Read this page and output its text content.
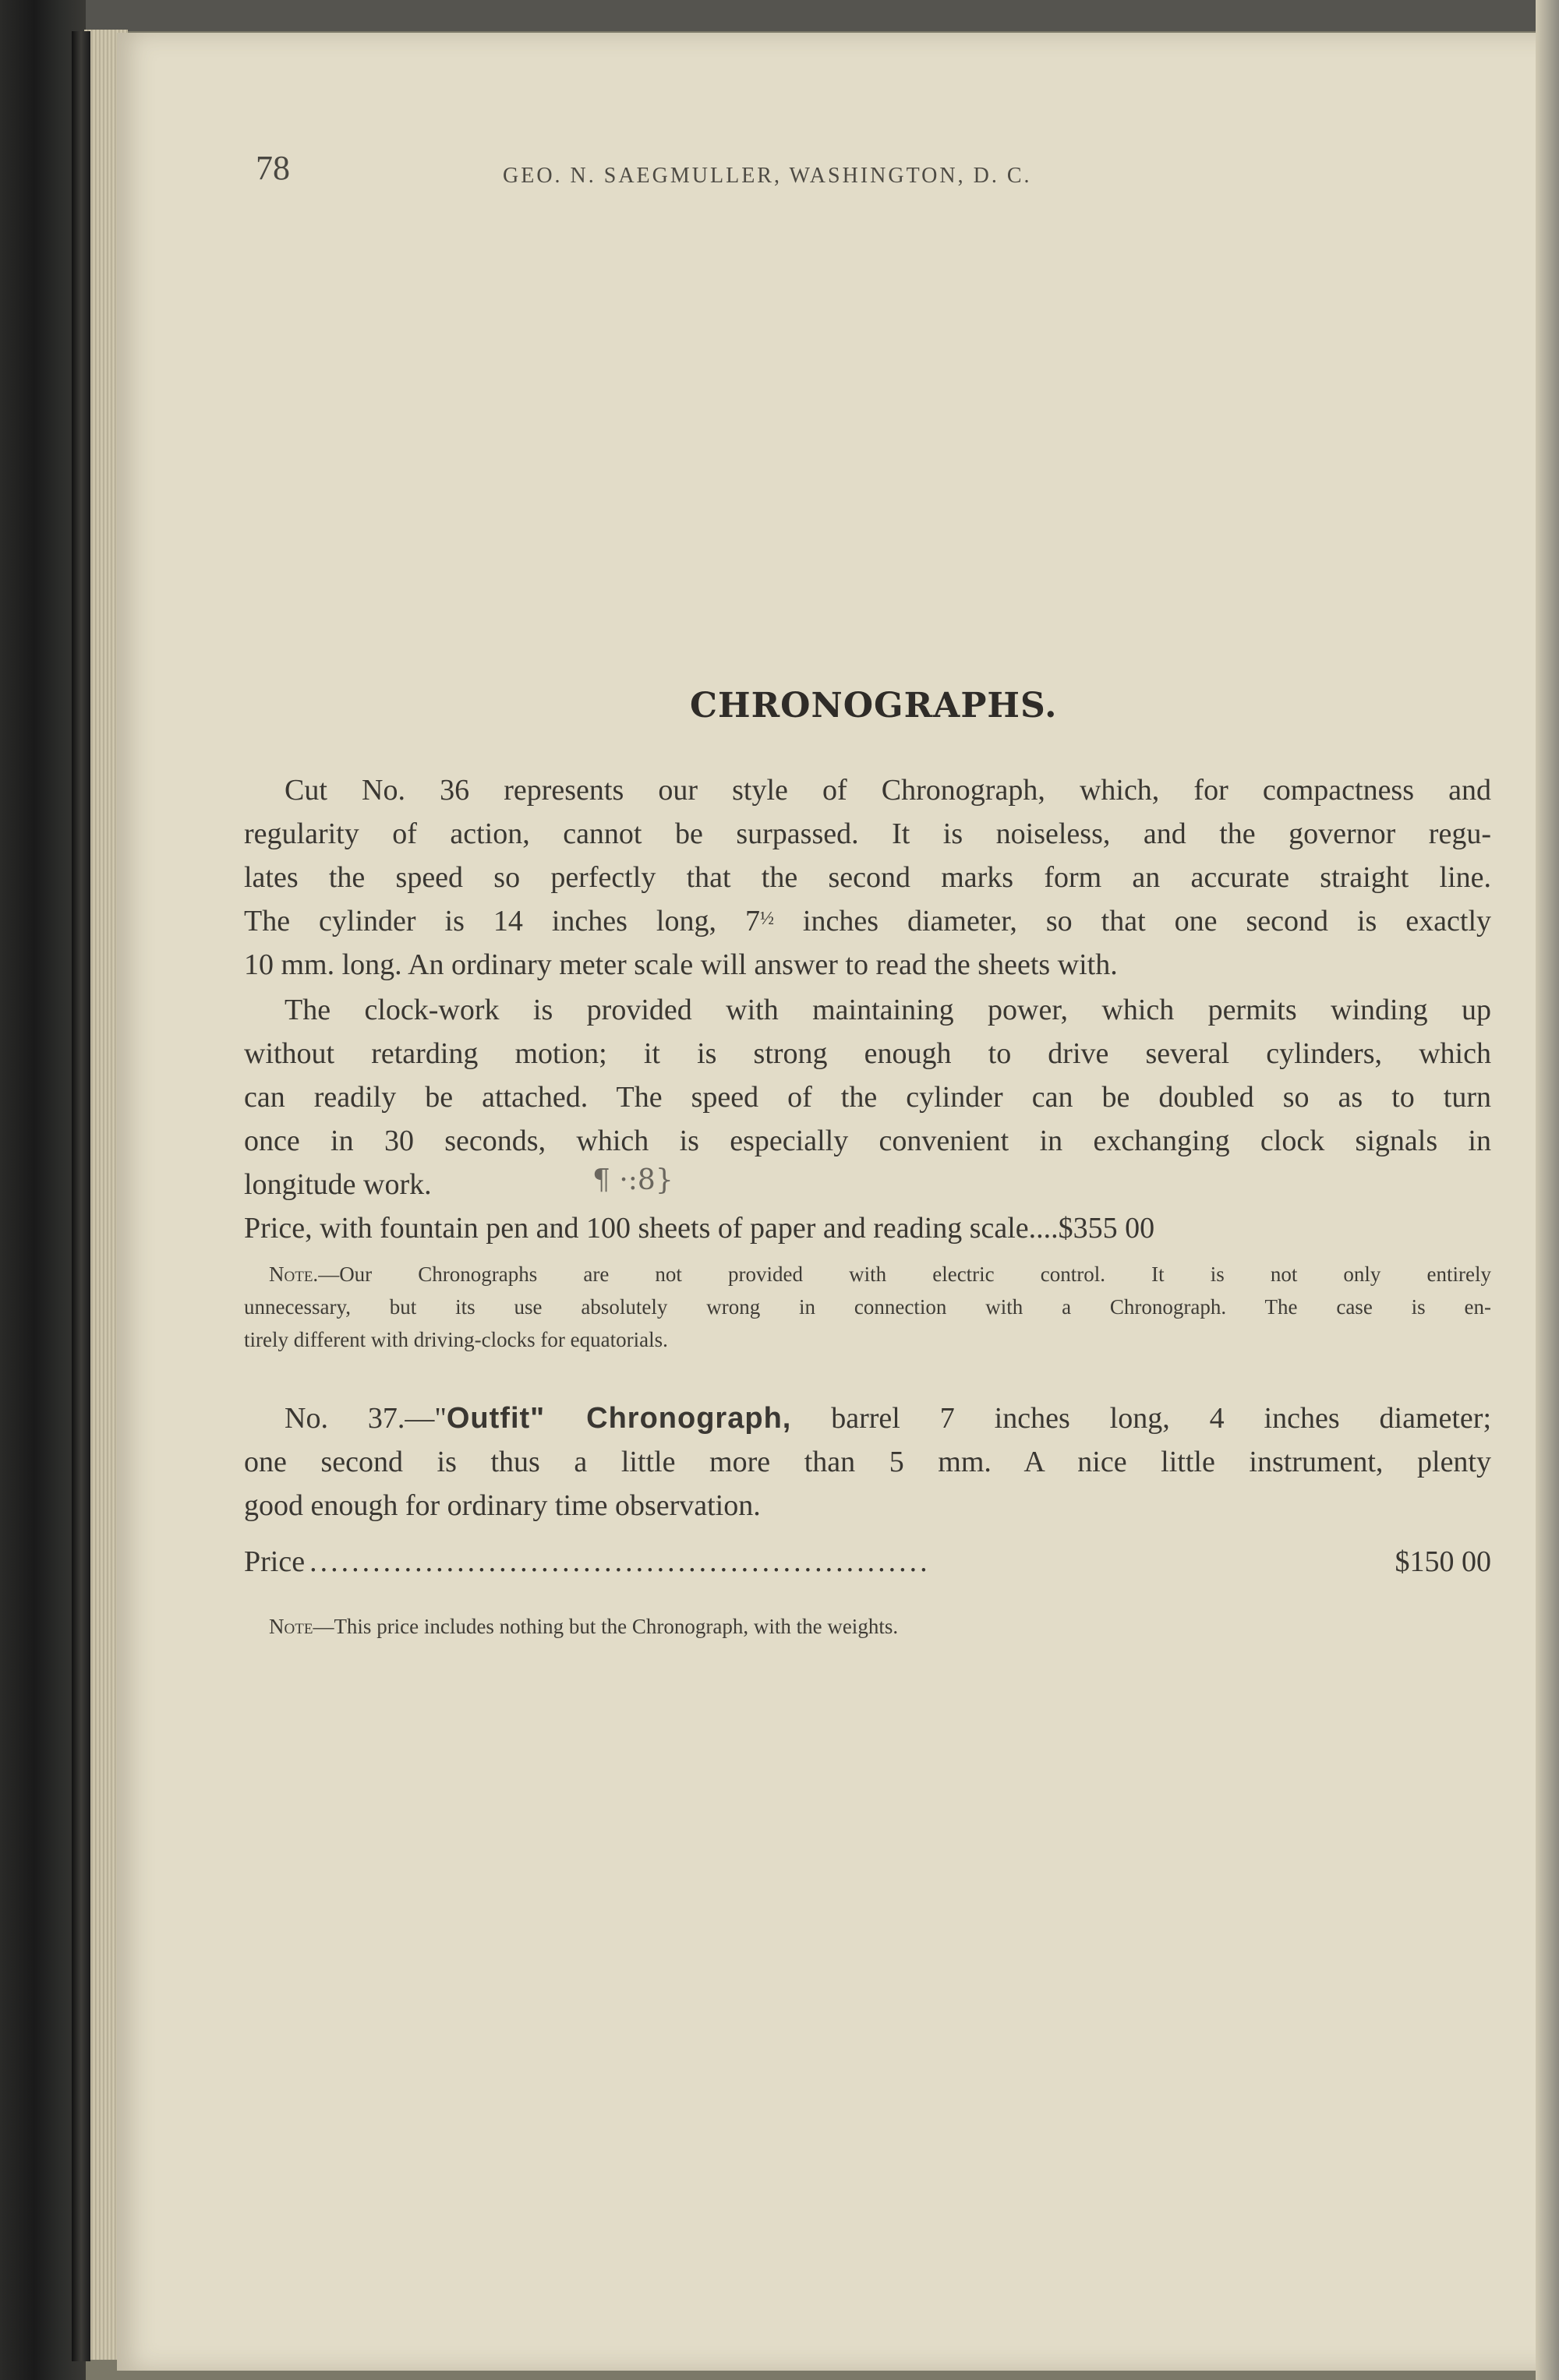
78	GEO. N. SAEGMULLER, WASHINGTON, D. C.
CHRONOGRAPHS.
Cut No. 36 represents our style of Chronograph, which, for compactness and
regularity of action, cannot be surpassed. It is noiseless, and the governor regu-
lates the speed so perfectly that the second marks form an accurate straight line.
The cylinder is 14 inches long, $7^{\frac{1}{2}}$ inches diameter, so that one second is exactly
10 mm. long. An ordinary meter scale will answer to read the sheets with.
The clock-work is provided with maintaining power, which permits winding up
without retarding motion; it is strong enough to drive several cylinders, which
can readily be attached. The speed of the cylinder can be doubled so as to turn
once in 30 seconds, which is especially convenient in exchanging clock signals in
longitude work.	¶ ·:8}
Price, with fountain pen and 100 sheets of paper and reading scale....$355 00
Note.—Our Chronographs are not provided with electric control. It is not only entirely
unnecessary, but its use absolutely wrong in connection with a Chronograph. The case is en-
tirely different with driving-clocks for equatorials.
No. 37.—"Outfit" Chronograph, barrel 7 inches long, 4 inches diameter;
one second is thus a little more than 5 mm. A nice little instrument, plenty
good enough for ordinary time observation.
Price ...........................................................	$150 00
Note—This price includes nothing but the Chronograph, with the weights.
